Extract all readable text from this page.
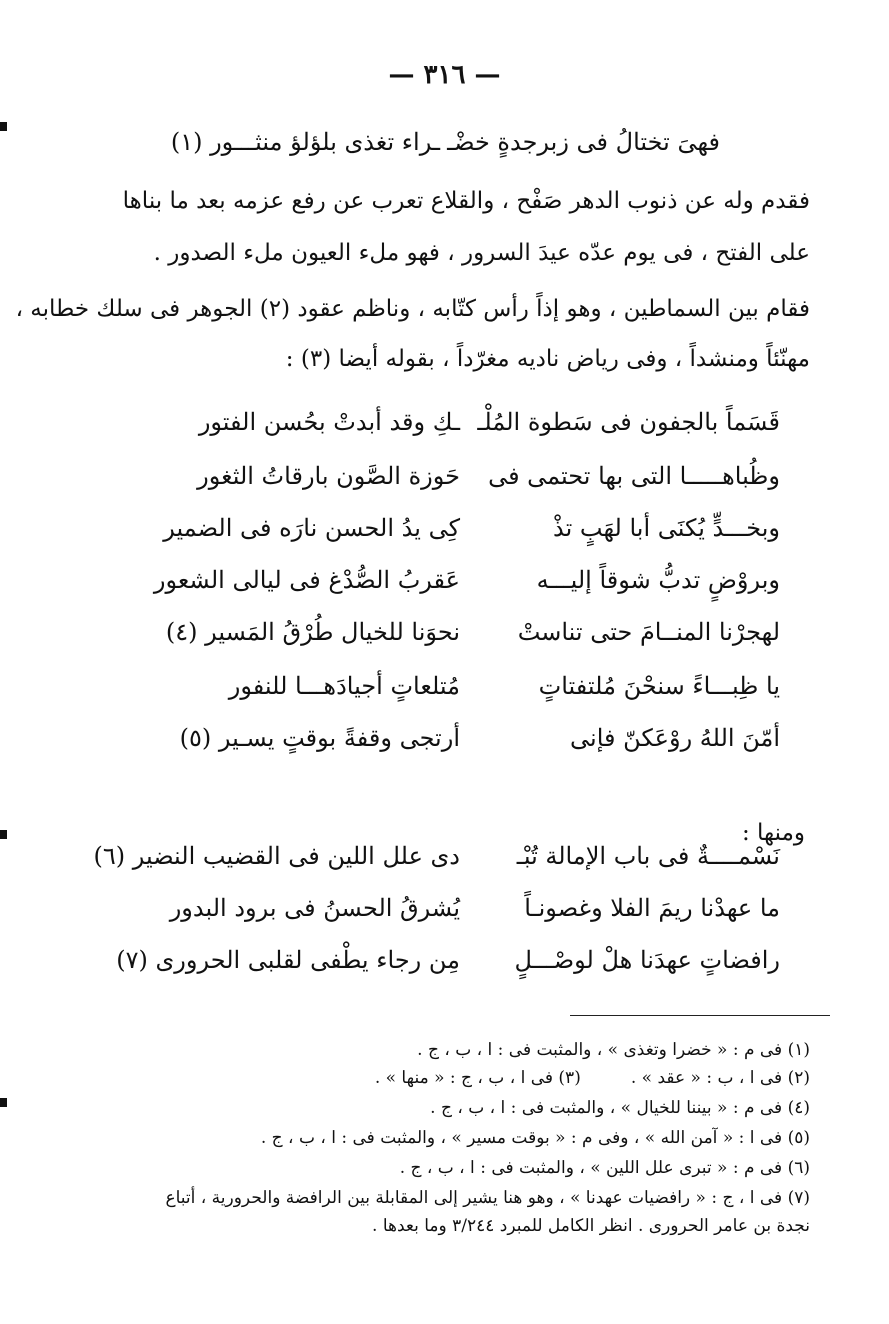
— ٣١٦ —
فهىَ تختالُ فى زبرجدةٍ خضْـ
ـراء تغذى بلؤلؤ منثـــور (١)
فقدم وله عن ذنوب الدهر صَفْح ، والقلاع تعرب عن رفع عزمه بعد ما بناها
على الفتح ، فى يوم عدّه عيدَ السرور ، فهو ملء العيون ملء الصدور .
فقام بين السماطين ، وهو إذاً رأس كتّابه ، وناظم عقود (٢) الجوهر فى سلك خطابه ،
مهنّئاً ومنشداً ، وفى رياض ناديه مغرّداً ، بقوله أيضا (٣) :
قَسَماً بالجفون فى سَطوة المُلْـ
ـكِ وقد أبدتْ بحُسن الفتور
وظُباهـــــا التى بها تحتمى فى
حَوزة الصَّون بارقاتُ الثغور
وبخـــدٍّ يُكنَى أبا لهَبٍ تذْ
كِى يدُ الحسن نارَه فى الضمير
وبروْضٍ تدبُّ شوقاً إليـــه
عَقربُ الصُّدْغ فى ليالى الشعور
لهجرْنا المنــامَ حتى تناستْ
نحوَنا للخيال طُرْقُ المَسير (٤)
يا ظِبـــاءً سنحْنَ مُلتفتاتٍ
مُتلعاتٍ أجيادَهـــا للنفور
أمّنَ اللهُ روْعَكنّ فإنى
أرتجى وقفةً بوقتٍ يسـير (٥)
ومنها :
نَسْمــــةٌ فى باب الإمالة تُبْـ
دى علل اللين فى القضيب النضير (٦)
ما عهدْنا ريمَ الفلا وغصونـاً
يُشرقُ الحسنُ فى برود البدور
رافضاتٍ عهدَنا هلْ لوصْـــلٍ
مِن رجاء يطْفى لقلبى الحرورى (٧)
(١) فى م : « خضرا وتغذى » ، والمثبت فى : ا ، ب ، ج .
(٢) فى ا ، ب : « عقد » .
(٣) فى ا ، ب ، ج : « منها » .
(٤) فى م : « بيننا للخيال » ، والمثبت فى : ا ، ب ، ج .
(٥) فى ا : « آمن الله » ، وفى م : « بوقت مسير » ، والمثبت فى : ا ، ب ، ج .
(٦) فى م : « تبرى علل اللين » ، والمثبت فى : ا ، ب ، ج .
(٧) فى ا ، ج : « رافضيات عهدنا » ، وهو هنا يشير إلى المقابلة بين الرافضة والحرورية ، أتباع
نجدة بن عامر الحرورى . انظر الكامل للمبرد ٣/٢٤٤ وما بعدها .
